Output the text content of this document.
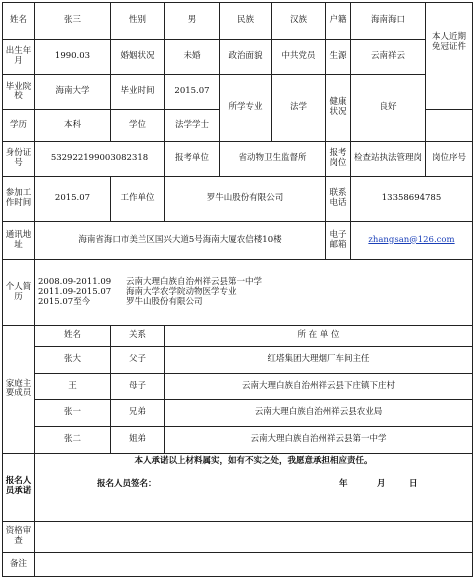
姓名	张三	性别	男	民族	汉族	户籍	海南海口	本人近期免冠证件
出生年月	1990.03	婚姻状况	未婚	政治面貌	中共党员	生源	云南祥云	
毕业院校	海南大学	毕业时间	2015.07	所学专业	法学	健康状况	良好	

学历	本科	学位	法学学士					
身份证号	532922199003082318		报考单位	省动物卫生监督所		报考岗位	检查站执法管理岗	岗位序号
参加工作时间	2015.07	工作单位	罗牛山股份有限公司			联系电话	13358694785	
通讯地址	海南省海口市美兰区国兴大道5号海南大厦农信楼10楼					电子邮箱	zhangsan@126.com	
个人简历	2008.09-2011.09 云南大理白族自治州祥云县第一中学
2011.09-2015.07 海南大学农学院动物医学专业
2015.07至今 罗牛山股份有限公司							

家庭主要成员	姓名	关系	所 在 单 位					
	张大	父子	红塔集团大理烟厂车间主任					
	王	母子	云南大理白族自治州祥云县下庄镇下庄村					
	张一	兄弟	云南大理白族自治州祥云县农业局					
	张二	姐弟	云南大理白族自治州祥云县第一中学					
报名人员承诺	本人承诺以上材料属实，如有不实之处，我愿意承担相应责任。
报名人员签名： 年 月 日							

资格审查								
备注								
